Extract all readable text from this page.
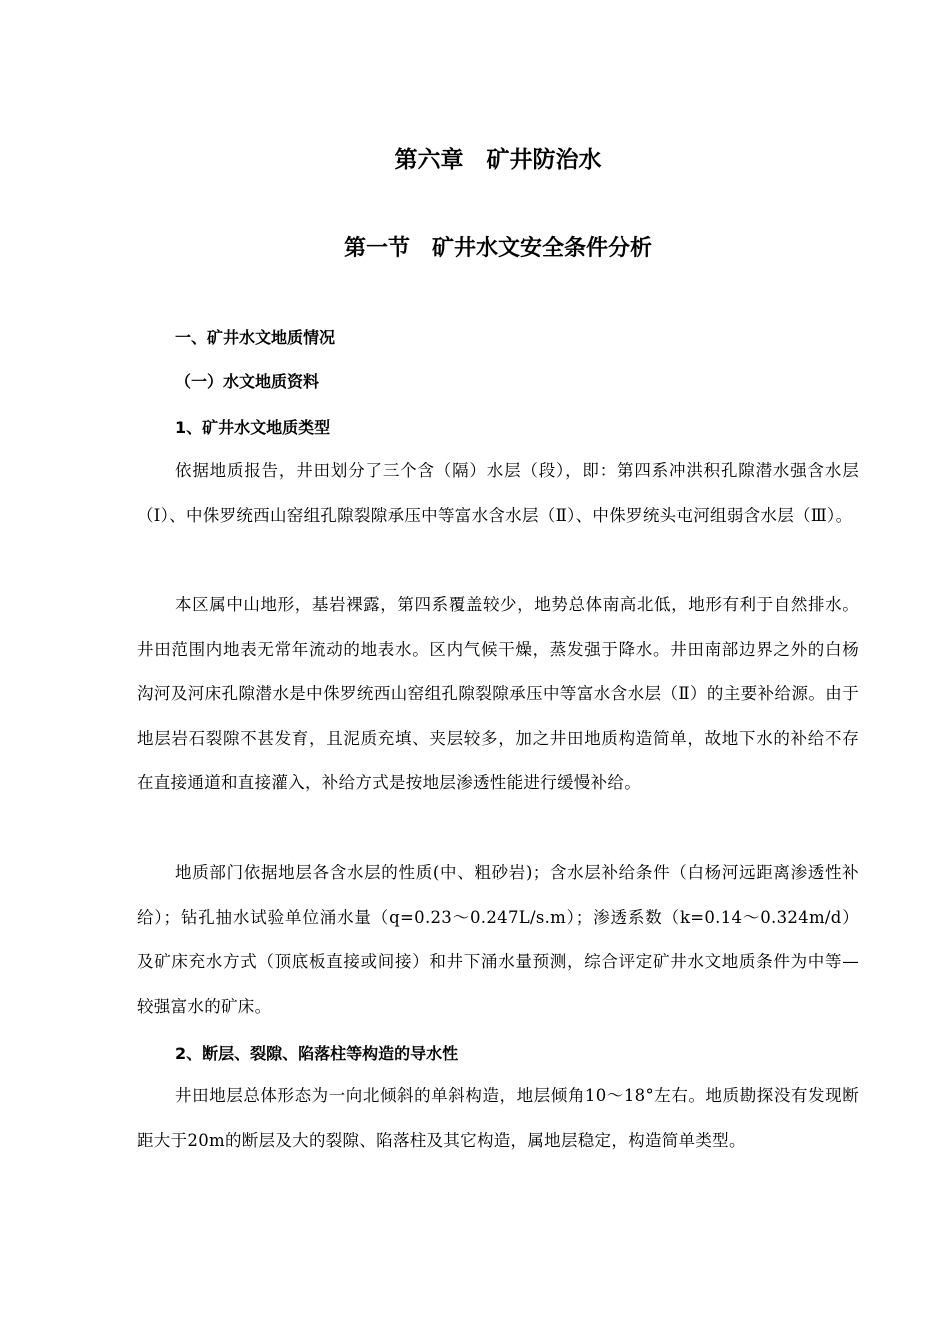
第六章　矿井防治水
第一节　矿井水文安全条件分析
一、矿井水文地质情况
（一）水文地质资料
1、矿井水文地质类型
依据地质报告，井田划分了三个含（隔）水层（段），即：第四系冲洪积孔隙潜水强含水层（Ⅰ）、中侏罗统西山窑组孔隙裂隙承压中等富水含水层（Ⅱ）、中侏罗统头屯河组弱含水层（Ⅲ）。
本区属中山地形，基岩裸露，第四系覆盖较少，地势总体南高北低，地形有利于自然排水。井田范围内地表无常年流动的地表水。区内气候干燥，蒸发强于降水。井田南部边界之外的白杨沟河及河床孔隙潜水是中侏罗统西山窑组孔隙裂隙承压中等富水含水层（Ⅱ）的主要补给源。由于地层岩石裂隙不甚发育，且泥质充填、夹层较多，加之井田地质构造简单，故地下水的补给不存在直接通道和直接灌入，补给方式是按地层渗透性能进行缓慢补给。
地质部门依据地层各含水层的性质(中、粗砂岩)；含水层补给条件（白杨河远距离渗透性补给）；钻孔抽水试验单位涌水量（q=0.23～0.247L/s.m）；渗透系数（k=0.14～0.324m/d）及矿床充水方式（顶底板直接或间接）和井下涌水量预测，综合评定矿井水文地质条件为中等—较强富水的矿床。
2、断层、裂隙、陷落柱等构造的导水性
井田地层总体形态为一向北倾斜的单斜构造，地层倾角10～18°左右。地质勘探没有发现断距大于20m的断层及大的裂隙、陷落柱及其它构造，属地层稳定，构造简单类型。
